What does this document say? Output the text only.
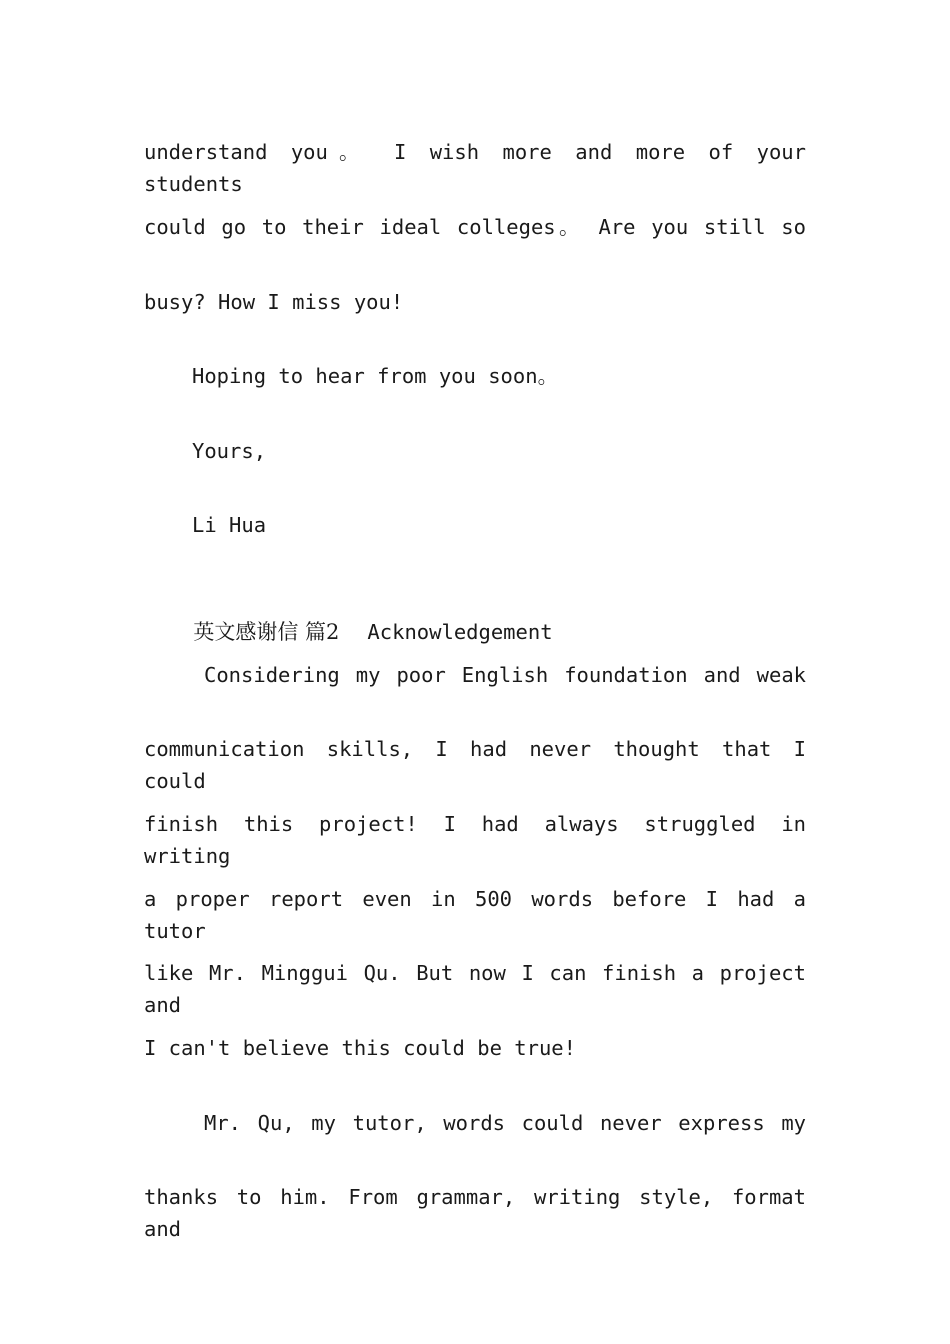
understand you。 I wish more and more of your students
could go to their ideal colleges。 Are you still so
busy? How I miss you!
Hoping to hear from you soon。
Yours,
Li Hua

英文感谢信 篇2 Acknowledgement

Considering my poor English foundation and weak
communication skills, I had never thought that I could
finish this project! I had always struggled in writing
a proper report even in 500 words before I had a tutor
like Mr. Minggui Qu. But now I can finish a project and
I can't believe this could be true!
Mr. Qu, my tutor, words could never express my
thanks to him. From grammar, writing style, format and
